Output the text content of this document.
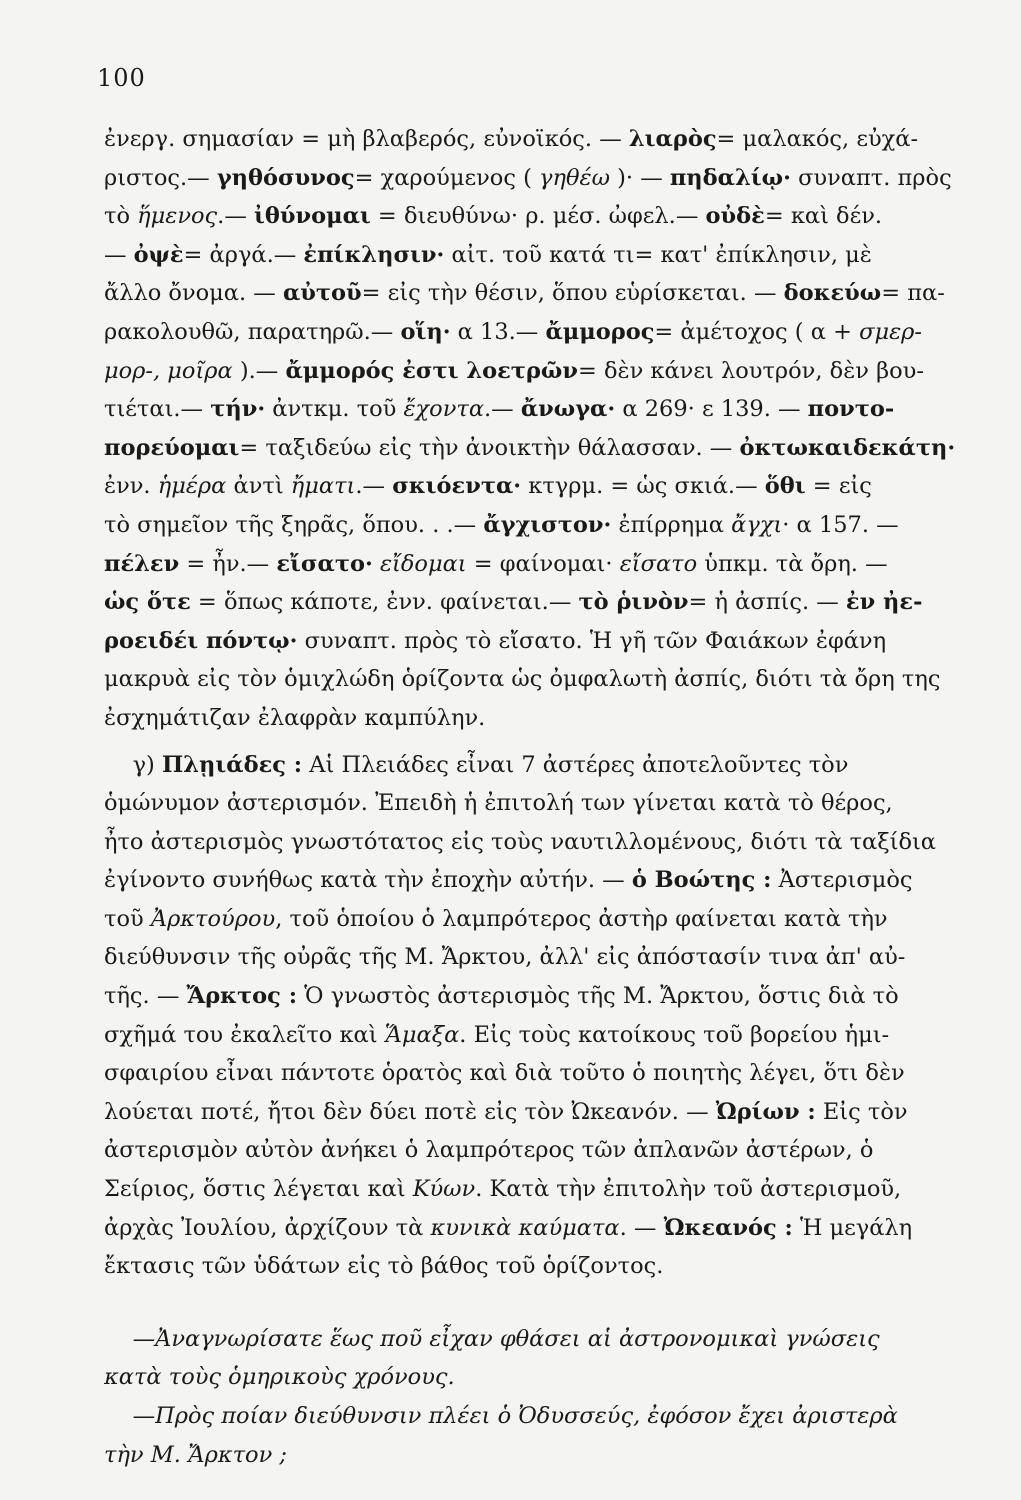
100
ἐνεργ. σημασίαν = μὴ βλαβερός, εὐνοϊκός. — λιαρὸς= μαλακός, εὐχά-
ριστος.— γηθόσυνος= χαρούμενος ( γηθέω )· — πηδαλίῳ· συναπτ. πρὸς
τὸ ἥμενος.— ἰθύνομαι = διευθύνω· ρ. μέσ. ὠφελ.— οὐδὲ= καὶ δέν.
— ὀψὲ= ἀργά.— ἐπίκλησιν· αἰτ. τοῦ κατά τι= κατ' ἐπίκλησιν, μὲ
ἄλλο ὄνομα. — αὐτοῦ= εἰς τὴν θέσιν, ὅπου εὑρίσκεται. — δοκεύω= πα-
ρακολουθῶ, παρατηρῶ.— οἵη· α 13.— ἄμμορος= ἀμέτοχος ( α + σμερ-
μορ-, μοῖρα ).— ἄμμορός ἐστι λοετρῶν= δὲν κάνει λουτρόν, δὲν βου-
τιέται.— τήν· ἀντκμ. τοῦ ἔχοντα.— ἄνωγα· α 269· ε 139. — ποντο-
πορεύομαι= ταξιδεύω εἰς τὴν ἀνοικτὴν θάλασσαν. — ὀκτωκαιδεκάτη·
ἐνν. ἡμέρα ἀντὶ ἤματι.— σκιόεντα· κτγρμ. = ὡς σκιά.— ὅθι = εἰς
τὸ σημεῖον τῆς ξηρᾶς, ὅπου. . .— ἄγχιστον· ἐπίρρημα ἄγχι· α 157. —
πέλεν = ἦν.— εἴσατο· εἴδομαι = φαίνομαι· εἴσατο ὑπκμ. τὰ ὄρη. —
ὡς ὅτε = ὅπως κάποτε, ἐνν. φαίνεται.— τὸ ῥινὸν= ἡ ἀσπίς. — ἐν ἠε-
ροειδέι πόντῳ· συναπτ. πρὸς τὸ εἴσατο. Ἡ γῆ τῶν Φαιάκων ἐφάνη
μακρυὰ εἰς τὸν ὁμιχλώδη ὁρίζοντα ὡς ὀμφαλωτὴ ἀσπίς, διότι τὰ ὄρη της
ἐσχημάτιζαν ἐλαφρὰν καμπύλην.
γ) Πλῃιάδες : Αἱ Πλειάδες εἶναι 7 ἀστέρες ἀποτελοῦντες τὸν
ὁμώνυμον ἀστερισμόν. Ἐπειδὴ ἡ ἐπιτολή των γίνεται κατὰ τὸ θέρος,
ἦτο ἀστερισμὸς γνωστότατος εἰς τοὺς ναυτιλλομένους, διότι τὰ ταξίδια
ἐγίνοντο συνήθως κατὰ τὴν ἐποχὴν αὐτήν. — ὁ Βοώτης : Ἀστερισμὸς
τοῦ Ἀρκτούρου, τοῦ ὁποίου ὁ λαμπρότερος ἀστὴρ φαίνεται κατὰ τὴν
διεύθυνσιν τῆς οὐρᾶς τῆς Μ. Ἄρκτου, ἀλλ' εἰς ἀπόστασίν τινα ἀπ' αὐ-
τῆς. — Ἄρκτος : Ὁ γνωστὸς ἀστερισμὸς τῆς Μ. Ἄρκτου, ὅστις διὰ τὸ
σχῆμά του ἐκαλεῖτο καὶ Ἅμαξα. Εἰς τοὺς κατοίκους τοῦ βορείου ἡμι-
σφαιρίου εἶναι πάντοτε ὁρατὸς καὶ διὰ τοῦτο ὁ ποιητὴς λέγει, ὅτι δὲν
λούεται ποτέ, ἤτοι δὲν δύει ποτὲ εἰς τὸν Ὠκεανόν. — Ὠρίων : Εἰς τὸν
ἀστερισμὸν αὐτὸν ἀνήκει ὁ λαμπρότερος τῶν ἀπλανῶν ἀστέρων, ὁ
Σείριος, ὅστις λέγεται καὶ Κύων. Κατὰ τὴν ἐπιτολὴν τοῦ ἀστερισμοῦ,
ἀρχὰς Ἰουλίου, ἀρχίζουν τὰ κυνικὰ καύματα. — Ὠκεανός : Ἡ μεγάλη
ἔκτασις τῶν ὑδάτων εἰς τὸ βάθος τοῦ ὁρίζοντος.
—Ἀναγνωρίσατε ἕως ποῦ εἶχαν φθάσει αἱ ἀστρονομικαὶ γνώσεις
κατὰ τοὺς ὁμηρικοὺς χρόνους.
—Πρὸς ποίαν διεύθυνσιν πλέει ὁ Ὀδυσσεύς, ἐφόσον ἔχει ἀριστερὰ
τὴν Μ. Ἄρκτον ;
